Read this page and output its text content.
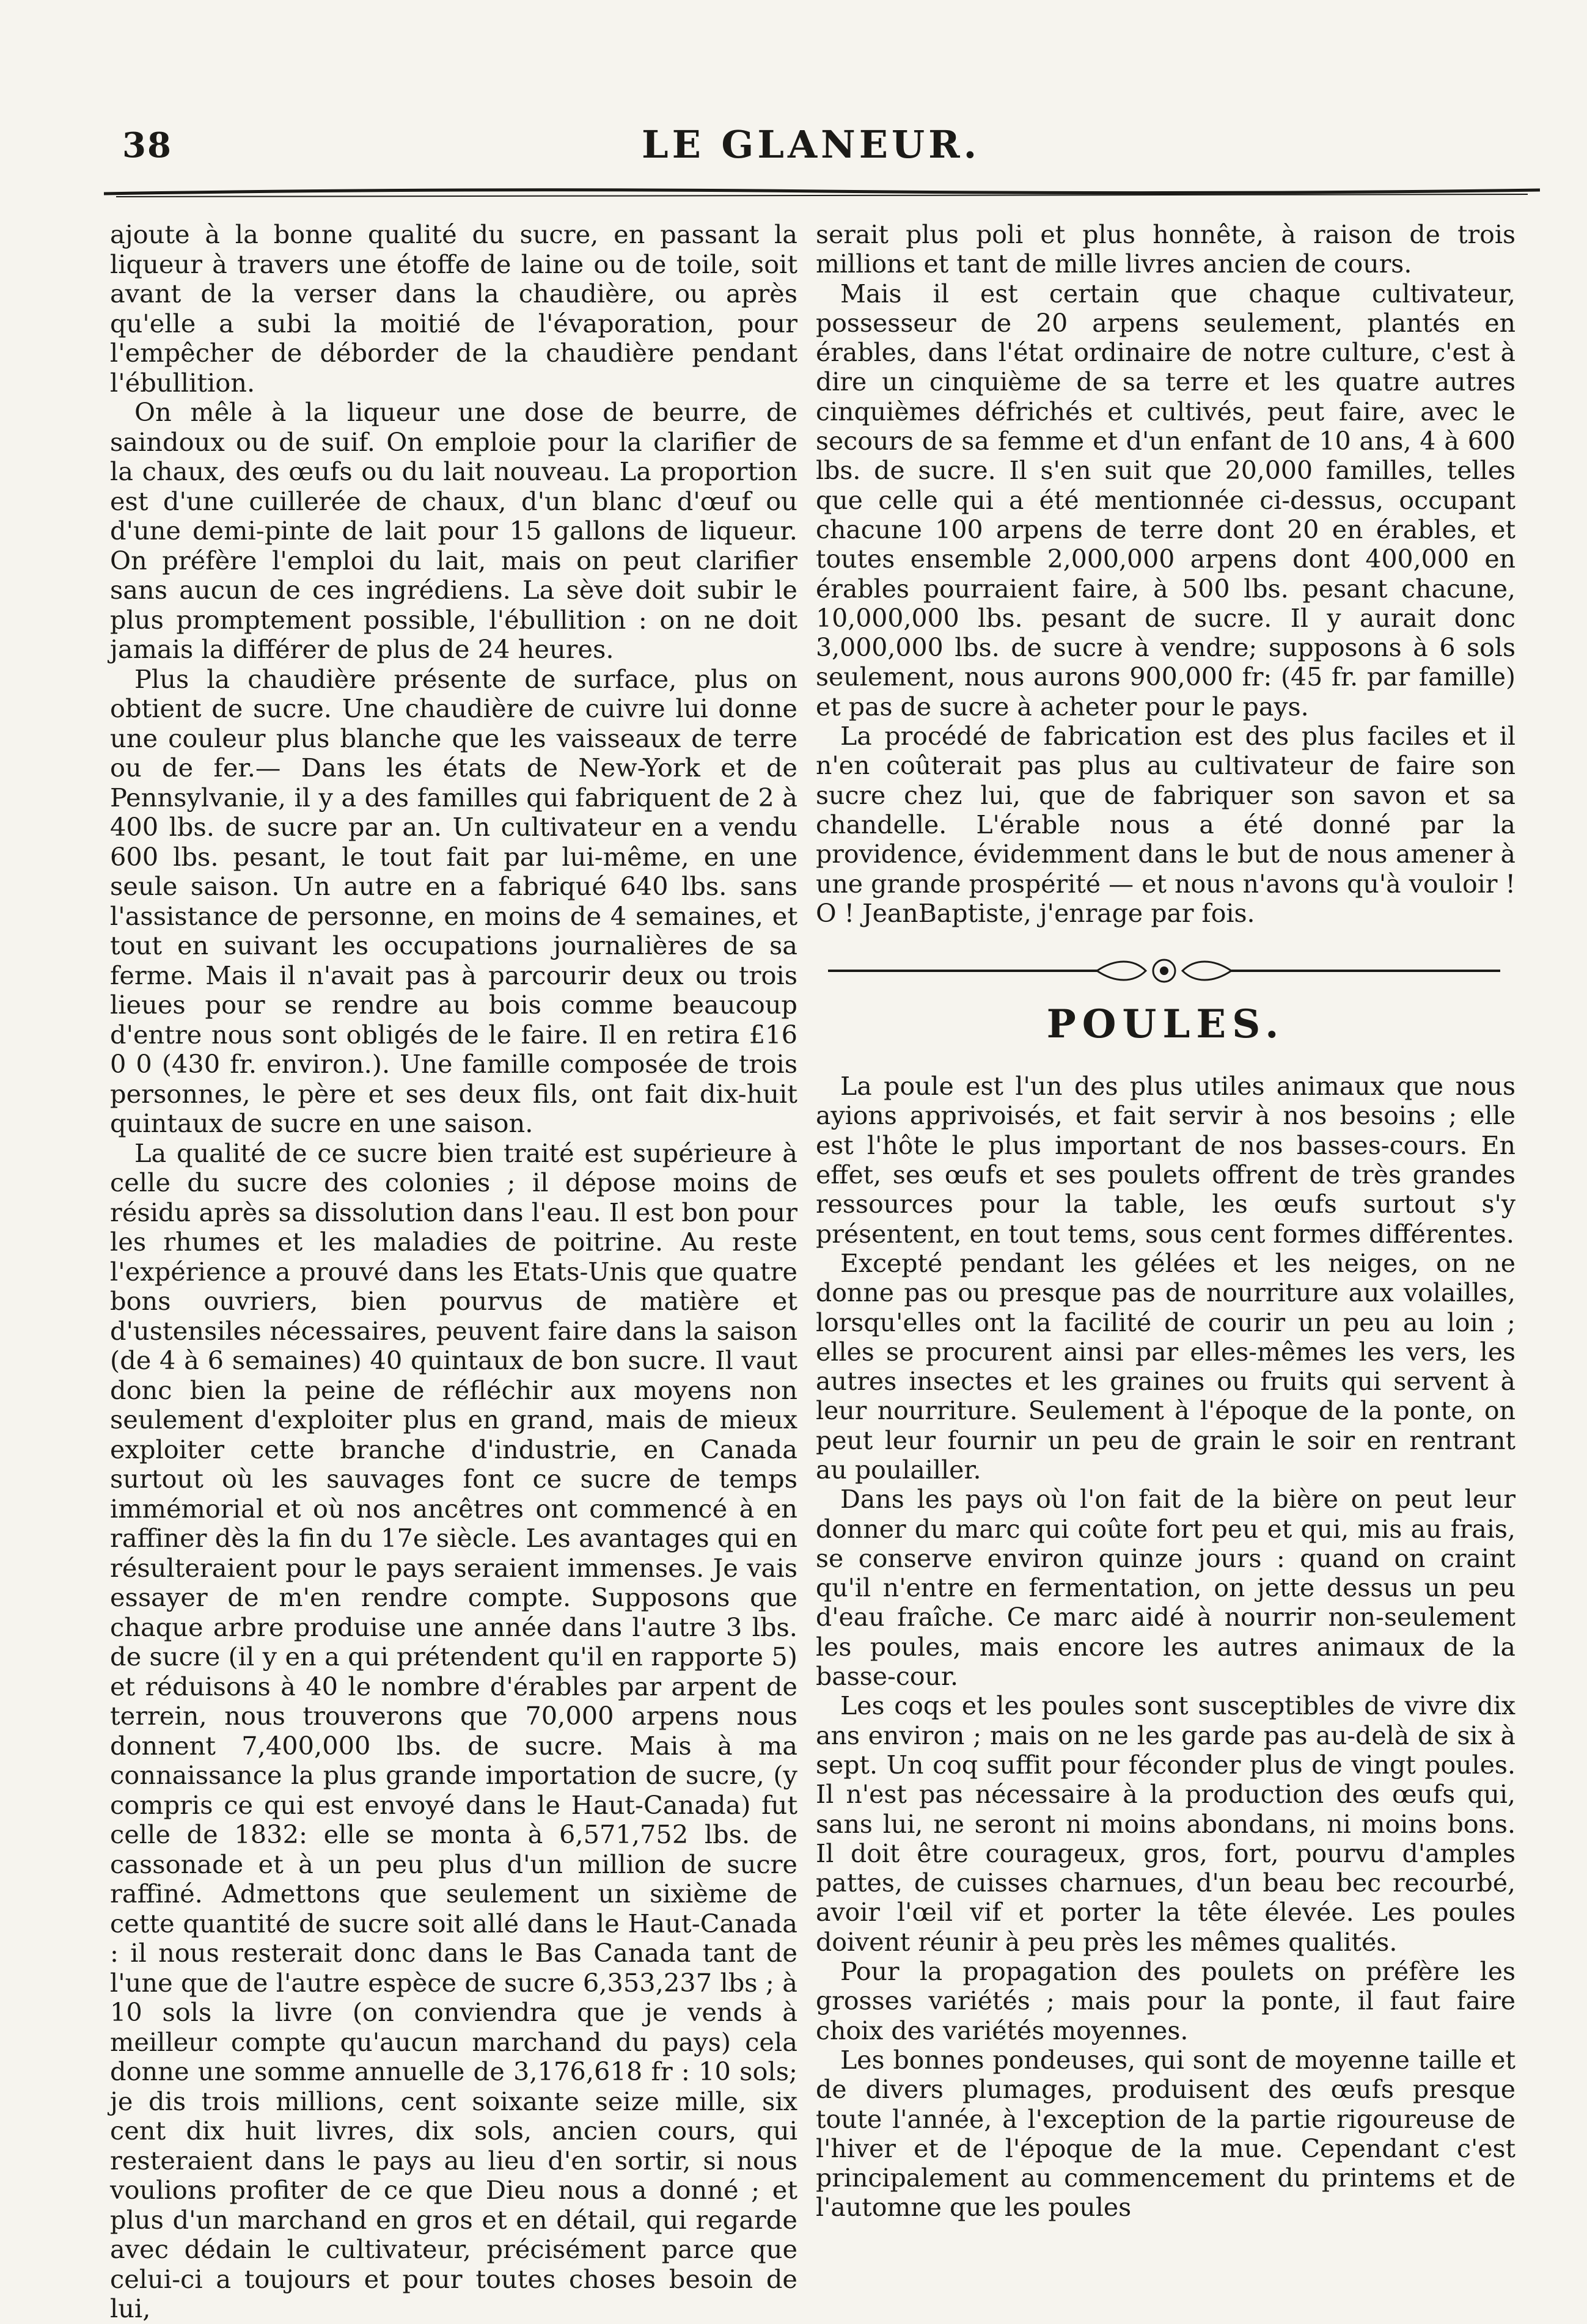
38	LE GLANEUR.

ajoute à la bonne qualité du sucre, en passant la liqueur à travers une étoffe de laine ou de toile, soit avant de la verser dans la chaudière, ou après qu'elle a subi la moitié de l'évaporation, pour l'empêcher de déborder de la chaudière pendant l'ébullition.

On mêle à la liqueur une dose de beurre, de saindoux ou de suif. On emploie pour la clarifier de la chaux, des œufs ou du lait nouveau. La proportion est d'une cuillerée de chaux, d'un blanc d'œuf ou d'une demi-pinte de lait pour 15 gallons de liqueur. On préfère l'emploi du lait, mais on peut clarifier sans aucun de ces ingrédiens. La sève doit subir le plus promptement possible, l'ébullition : on ne doit jamais la différer de plus de 24 heures.

Plus la chaudière présente de surface, plus on obtient de sucre. Une chaudière de cuivre lui donne une couleur plus blanche que les vaisseaux de terre ou de fer.— Dans les états de New-York et de Pennsylvanie, il y a des familles qui fabriquent de 2 à 400 lbs. de sucre par an. Un cultivateur en a vendu 600 lbs. pesant, le tout fait par lui-même, en une seule saison. Un autre en a fabriqué 640 lbs. sans l'assistance de personne, en moins de 4 semaines, et tout en suivant les occupations journalières de sa ferme. Mais il n'avait pas à parcourir deux ou trois lieues pour se rendre au bois comme beaucoup d'entre nous sont obligés de le faire. Il en retira £16 0 0 (430 fr. environ.). Une famille composée de trois personnes, le père et ses deux fils, ont fait dix-huit quintaux de sucre en une saison.

La qualité de ce sucre bien traité est supérieure à celle du sucre des colonies ; il dépose moins de résidu après sa dissolution dans l'eau. Il est bon pour les rhumes et les maladies de poitrine. Au reste l'expérience a prouvé dans les Etats-Unis que quatre bons ouvriers, bien pourvus de matière et d'ustensiles nécessaires, peuvent faire dans la saison (de 4 à 6 semaines) 40 quintaux de bon sucre. Il vaut donc bien la peine de réfléchir aux moyens non seulement d'exploiter plus en grand, mais de mieux exploiter cette branche d'industrie, en Canada surtout où les sauvages font ce sucre de temps immémorial et où nos ancêtres ont commencé à en raffiner dès la fin du 17e siècle. Les avantages qui en résulteraient pour le pays seraient immenses. Je vais essayer de m'en rendre compte. Supposons que chaque arbre produise une année dans l'autre 3 lbs. de sucre (il y en a qui prétendent qu'il en rapporte 5) et réduisons à 40 le nombre d'érables par arpent de terrein, nous trouverons que 70,000 arpens nous donnent 7,400,000 lbs. de sucre. Mais à ma connaissance la plus grande importation de sucre, (y compris ce qui est envoyé dans le Haut-Canada) fut celle de 1832: elle se monta à 6,571,752 lbs. de cassonade et à un peu plus d'un million de sucre raffiné. Admettons que seulement un sixième de cette quantité de sucre soit allé dans le Haut-Canada : il nous resterait donc dans le Bas Canada tant de l'une que de l'autre espèce de sucre 6,353,237 lbs ; à 10 sols la livre (on conviendra que je vends à meilleur compte qu'aucun marchand du pays) cela donne une somme annuelle de 3,176,618 fr : 10 sols; je dis trois millions, cent soixante seize mille, six cent dix huit livres, dix sols, ancien cours, qui resteraient dans le pays au lieu d'en sortir, si nous voulions profiter de ce que Dieu nous a donné ; et plus d'un marchand en gros et en détail, qui regarde avec dédain le cultivateur, précisément parce que celui-ci a toujours et pour toutes choses besoin de lui,

serait plus poli et plus honnête, à raison de trois millions et tant de mille livres ancien de cours.

Mais il est certain que chaque cultivateur, possesseur de 20 arpens seulement, plantés en érables, dans l'état ordinaire de notre culture, c'est à dire un cinquième de sa terre et les quatre autres cinquièmes défrichés et cultivés, peut faire, avec le secours de sa femme et d'un enfant de 10 ans, 4 à 600 lbs. de sucre. Il s'en suit que 20,000 familles, telles que celle qui a été mentionnée ci-dessus, occupant chacune 100 arpens de terre dont 20 en érables, et toutes ensemble 2,000,000 arpens dont 400,000 en érables pourraient faire, à 500 lbs. pesant chacune, 10,000,000 lbs. pesant de sucre. Il y aurait donc 3,000,000 lbs. de sucre à vendre; supposons à 6 sols seulement, nous aurons 900,000 fr: (45 fr. par famille) et pas de sucre à acheter pour le pays.

La procédé de fabrication est des plus faciles et il n'en coûterait pas plus au cultivateur de faire son sucre chez lui, que de fabriquer son savon et sa chandelle. L'érable nous a été donné par la providence, évidemment dans le but de nous amener à une grande prospérité — et nous n'avons qu'à vouloir ! O ! JeanBaptiste, j'enrage par fois.

POULES.

La poule est l'un des plus utiles animaux que nous ayions apprivoisés, et fait servir à nos besoins ; elle est l'hôte le plus important de nos basses-cours. En effet, ses œufs et ses poulets offrent de très grandes ressources pour la table, les œufs surtout s'y présentent, en tout tems, sous cent formes différentes.

Excepté pendant les gélées et les neiges, on ne donne pas ou presque pas de nourriture aux volailles, lorsqu'elles ont la facilité de courir un peu au loin ; elles se procurent ainsi par elles-mêmes les vers, les autres insectes et les graines ou fruits qui servent à leur nourriture. Seulement à l'époque de la ponte, on peut leur fournir un peu de grain le soir en rentrant au poulailler.

Dans les pays où l'on fait de la bière on peut leur donner du marc qui coûte fort peu et qui, mis au frais, se conserve environ quinze jours : quand on craint qu'il n'entre en fermentation, on jette dessus un peu d'eau fraîche. Ce marc aidé à nourrir non-seulement les poules, mais encore les autres animaux de la basse-cour.

Les coqs et les poules sont susceptibles de vivre dix ans environ ; mais on ne les garde pas au-delà de six à sept. Un coq suffit pour féconder plus de vingt poules. Il n'est pas nécessaire à la production des œufs qui, sans lui, ne seront ni moins abondans, ni moins bons. Il doit être courageux, gros, fort, pourvu d'amples pattes, de cuisses charnues, d'un beau bec recourbé, avoir l'œil vif et porter la tête élevée. Les poules doivent réunir à peu près les mêmes qualités.

Pour la propagation des poulets on préfère les grosses variétés ; mais pour la ponte, il faut faire choix des variétés moyennes.

Les bonnes pondeuses, qui sont de moyenne taille et de divers plumages, produisent des œufs presque toute l'année, à l'exception de la partie rigoureuse de l'hiver et de l'époque de la mue. Cependant c'est principalement au commencement du printems et de l'automne que les poules
